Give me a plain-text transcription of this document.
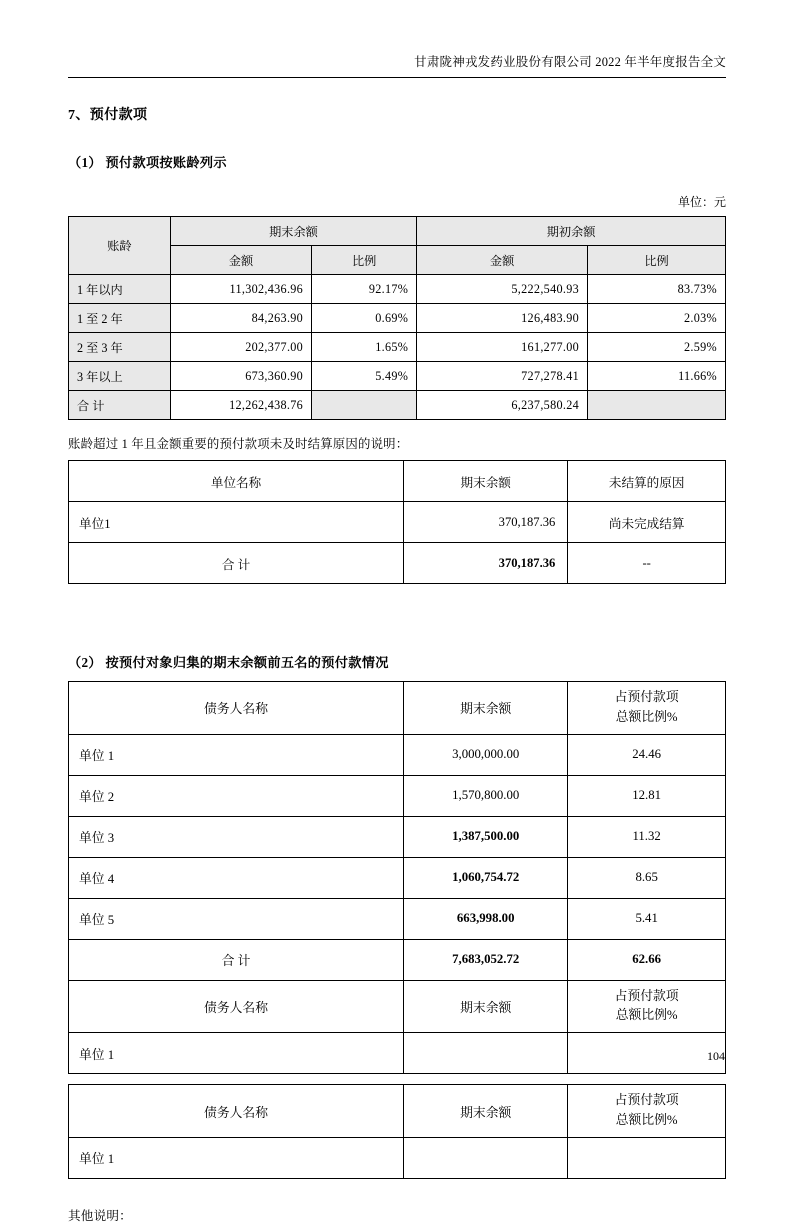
甘肃陇神戎发药业股份有限公司 2022 年半年度报告全文
7、预付款项
（1） 预付款项按账龄列示
单位：元
账龄	期末余额		期初余额	
	金额	比例	金额	比例
1 年以内	11,302,436.96	92.17%	5,222,540.93	83.73%
1 至 2 年	84,263.90	0.69%	126,483.90	2.03%
2 至 3 年	202,377.00	1.65%	161,277.00	2.59%
3 年以上	673,360.90	5.49%	727,278.41	11.66%
合 计	12,262,438.76		6,237,580.24	
账龄超过 1 年且金额重要的预付款项未及时结算原因的说明：
单位名称	期末余额	未结算的原因
单位1	370,187.36	尚未完成结算
合 计	370,187.36	--
（2） 按预付对象归集的期末余额前五名的预付款情况
债务人名称	期末余额	占预付款项
总额比例%

单位 1	3,000,000.00	24.46
单位 2	1,570,800.00	12.81
单位 3	1,387,500.00	11.32
单位 4	1,060,754.72	8.65
单位 5	663,998.00	5.41
合 计	7,683,052.72	62.66
债务人名称	期末余额	占预付款项
总额比例%

单位 1		
债务人名称	期末余额	占预付款项
总额比例%

单位 1		
其他说明：
104
